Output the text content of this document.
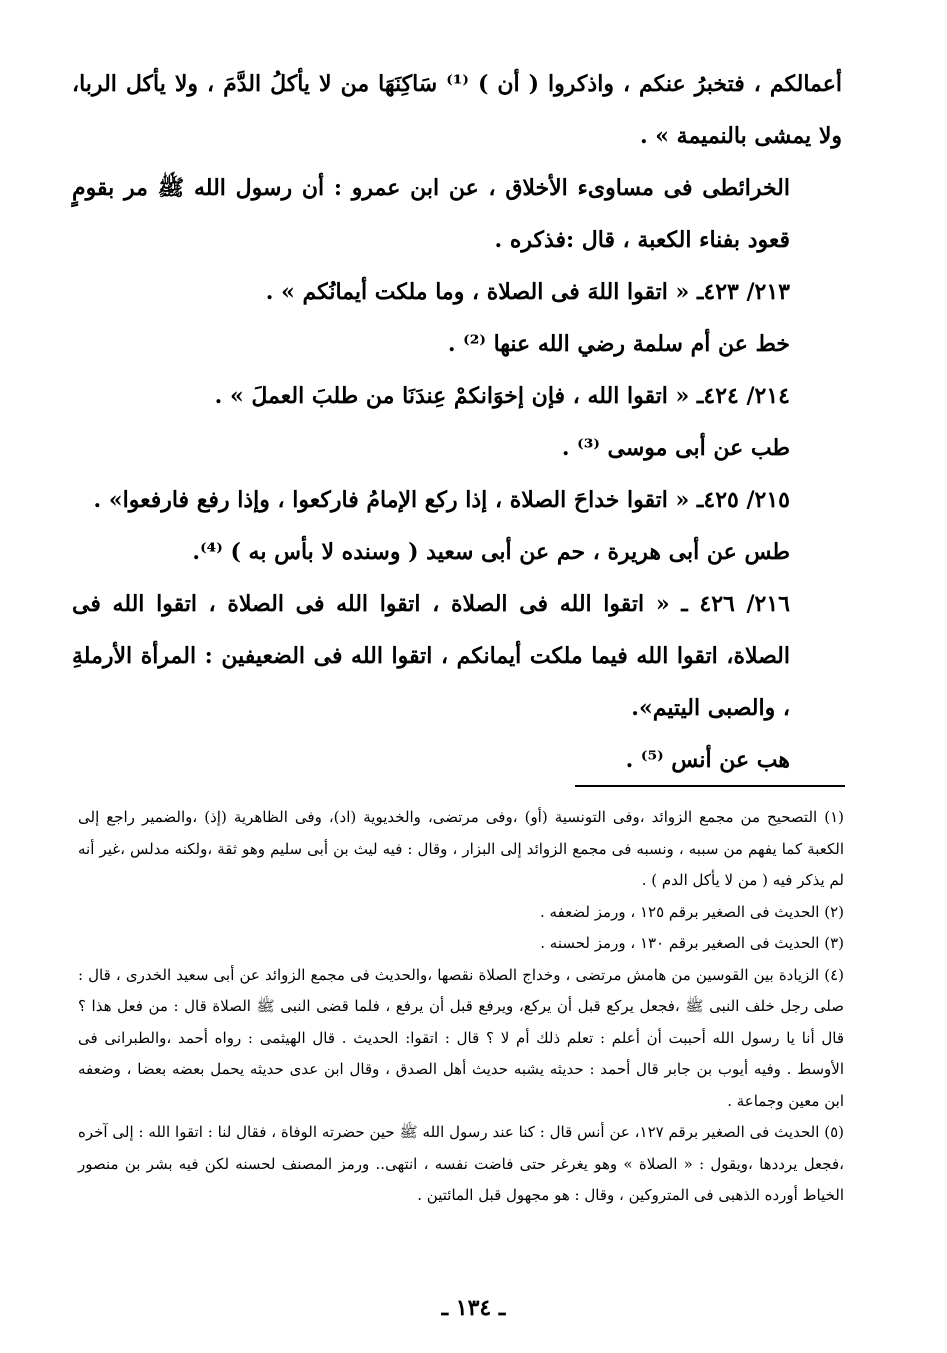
أعمالكم ، فتخبرُ عنكم ، واذكروا ( أن ) ⁽¹⁾ سَاكِنَهَا من لا يأكلُ الدَّمَ ، ولا يأكل الربا، ولا يمشى بالنميمة » .

الخرائطى فى مساوىء الأخلاق ، عن ابن عمرو : أن رسول الله ﷺ مر بقومٍ قعود بفناء الكعبة ، قال :فذكره .

٢١٣/ ٤٢٣ـ « اتقوا اللهَ فى الصلاة ، وما ملكت أيمانُكم » .

خط عن أم سلمة رضي الله عنها ⁽²⁾ .

٢١٤/ ٤٢٤ـ « اتقوا الله ، فإن إخوَانكمْ عِندَنَا من طلبَ العملَ » .

طب عن أبى موسى ⁽³⁾ .

٢١٥/ ٤٢٥ـ « اتقوا خداحَ الصلاة ، إذا ركع الإمامُ فاركعوا ، وإذا رفع فارفعوا» .

طس عن أبى هريرة ، حم عن أبى سعيد ( وسنده لا بأس به ) ⁽⁴⁾.

٢١٦/ ٤٢٦ ـ « اتقوا الله فى الصلاة ، اتقوا الله فى الصلاة ، اتقوا الله فى الصلاة، اتقوا الله فيما ملكت أيمانكم ، اتقوا الله فى الضعيفين : المرأة الأرملةِ ، والصبى اليتيم».

هب عن أنس ⁽⁵⁾ .

(١) التصحيح من مجمع الزوائد ،وفى التونسية (أو) ،وفى مرتضى، والخديوية (اد)، وفى الظاهرية (إذ) ،والضمير راجع إلى الكعبة كما يفهم من سببه ، ونسبه فى مجمع الزوائد إلى البزار ، وقال : فيه ليث بن أبى سليم وهو ثقة ،ولكنه مدلس ،غير أنه لم يذكر فيه ( من لا يأكل الدم ) .

(٢) الحديث فى الصغير برقم ١٢٥ ، ورمز لضعفه .

(٣) الحديث فى الصغير برقم ١٣٠ ، ورمز لحسنه .

(٤) الزيادة بين القوسين من هامش مرتضى ، وخداج الصلاة نقصها ،والحديث فى مجمع الزوائد عن أبى سعيد الخدرى ، قال : صلى رجل خلف النبى ﷺ ،فجعل يركع قبل أن يركع، ويرفع قبل أن يرفع ، فلما قضى النبى ﷺ الصلاة قال : من فعل هذا ؟ قال أنا يا رسول الله أحببت أن أعلم : تعلم ذلك أم لا ؟ قال : اتقوا: الحديث . قال الهيثمى : رواه أحمد ،والطبرانى فى الأوسط . وفيه أيوب بن جابر قال أحمد : حديثه يشبه حديث أهل الصدق ، وقال ابن عدى حديثه يحمل بعضه بعضا ، وضعفه ابن معين وجماعة .

(٥) الحديث فى الصغير برقم ١٢٧، عن أنس قال : كنا عند رسول الله ﷺ حين حضرته الوفاة ، فقال لنا : اتقوا الله : إلى آخره ،فجعل يرددها ،ويقول : « الصلاة » وهو يغرغر حتى فاضت نفسه ، انتهى.. ورمز المصنف لحسنه لكن فيه بشر بن منصور الخياط أورده الذهبى فى المتروكين ، وقال : هو مجهول قبل المائتين .

ـ ١٣٤ ـ
